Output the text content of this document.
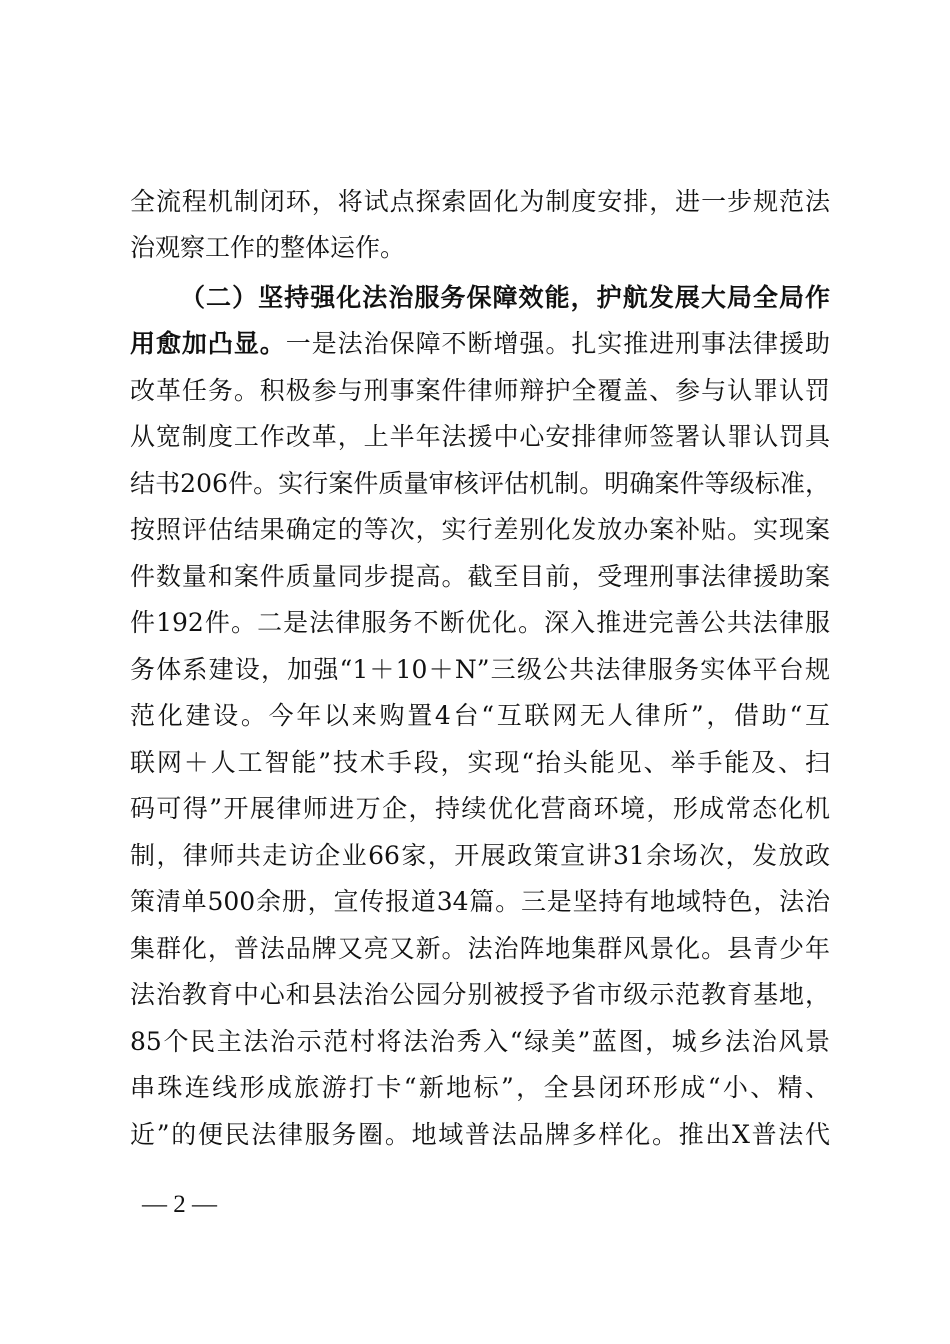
全流程机制闭环，将试点探索固化为制度安排，进一步规范法
治观察工作的整体运作。
（二）坚持强化法治服务保障效能，护航发展大局全局作
用愈加凸显。一是法治保障不断增强。扎实推进刑事法律援助
改革任务。积极参与刑事案件律师辩护全覆盖、参与认罪认罚
从宽制度工作改革，上半年法援中心安排律师签署认罪认罚具
结书206件。实行案件质量审核评估机制。明确案件等级标准，
按照评估结果确定的等次，实行差别化发放办案补贴。实现案
件数量和案件质量同步提高。截至目前，受理刑事法律援助案
件192件。二是法律服务不断优化。深入推进完善公共法律服
务体系建设，加强“1＋10＋N”三级公共法律服务实体平台规
范化建设。今年以来购置4台“互联网无人律所”，借助“互
联网＋人工智能”技术手段，实现“抬头能见、举手能及、扫
码可得”开展律师进万企，持续优化营商环境，形成常态化机
制，律师共走访企业66家，开展政策宣讲31余场次，发放政
策清单500余册，宣传报道34篇。三是坚持有地域特色，法治
集群化，普法品牌又亮又新。法治阵地集群风景化。县青少年
法治教育中心和县法治公园分别被授予省市级示范教育基地，
85个民主法治示范村将法治秀入“绿美”蓝图，城乡法治风景
串珠连线形成旅游打卡“新地标”，全县闭环形成“小、精、
近”的便民法律服务圈。地域普法品牌多样化。推出X普法代
— 2 —
